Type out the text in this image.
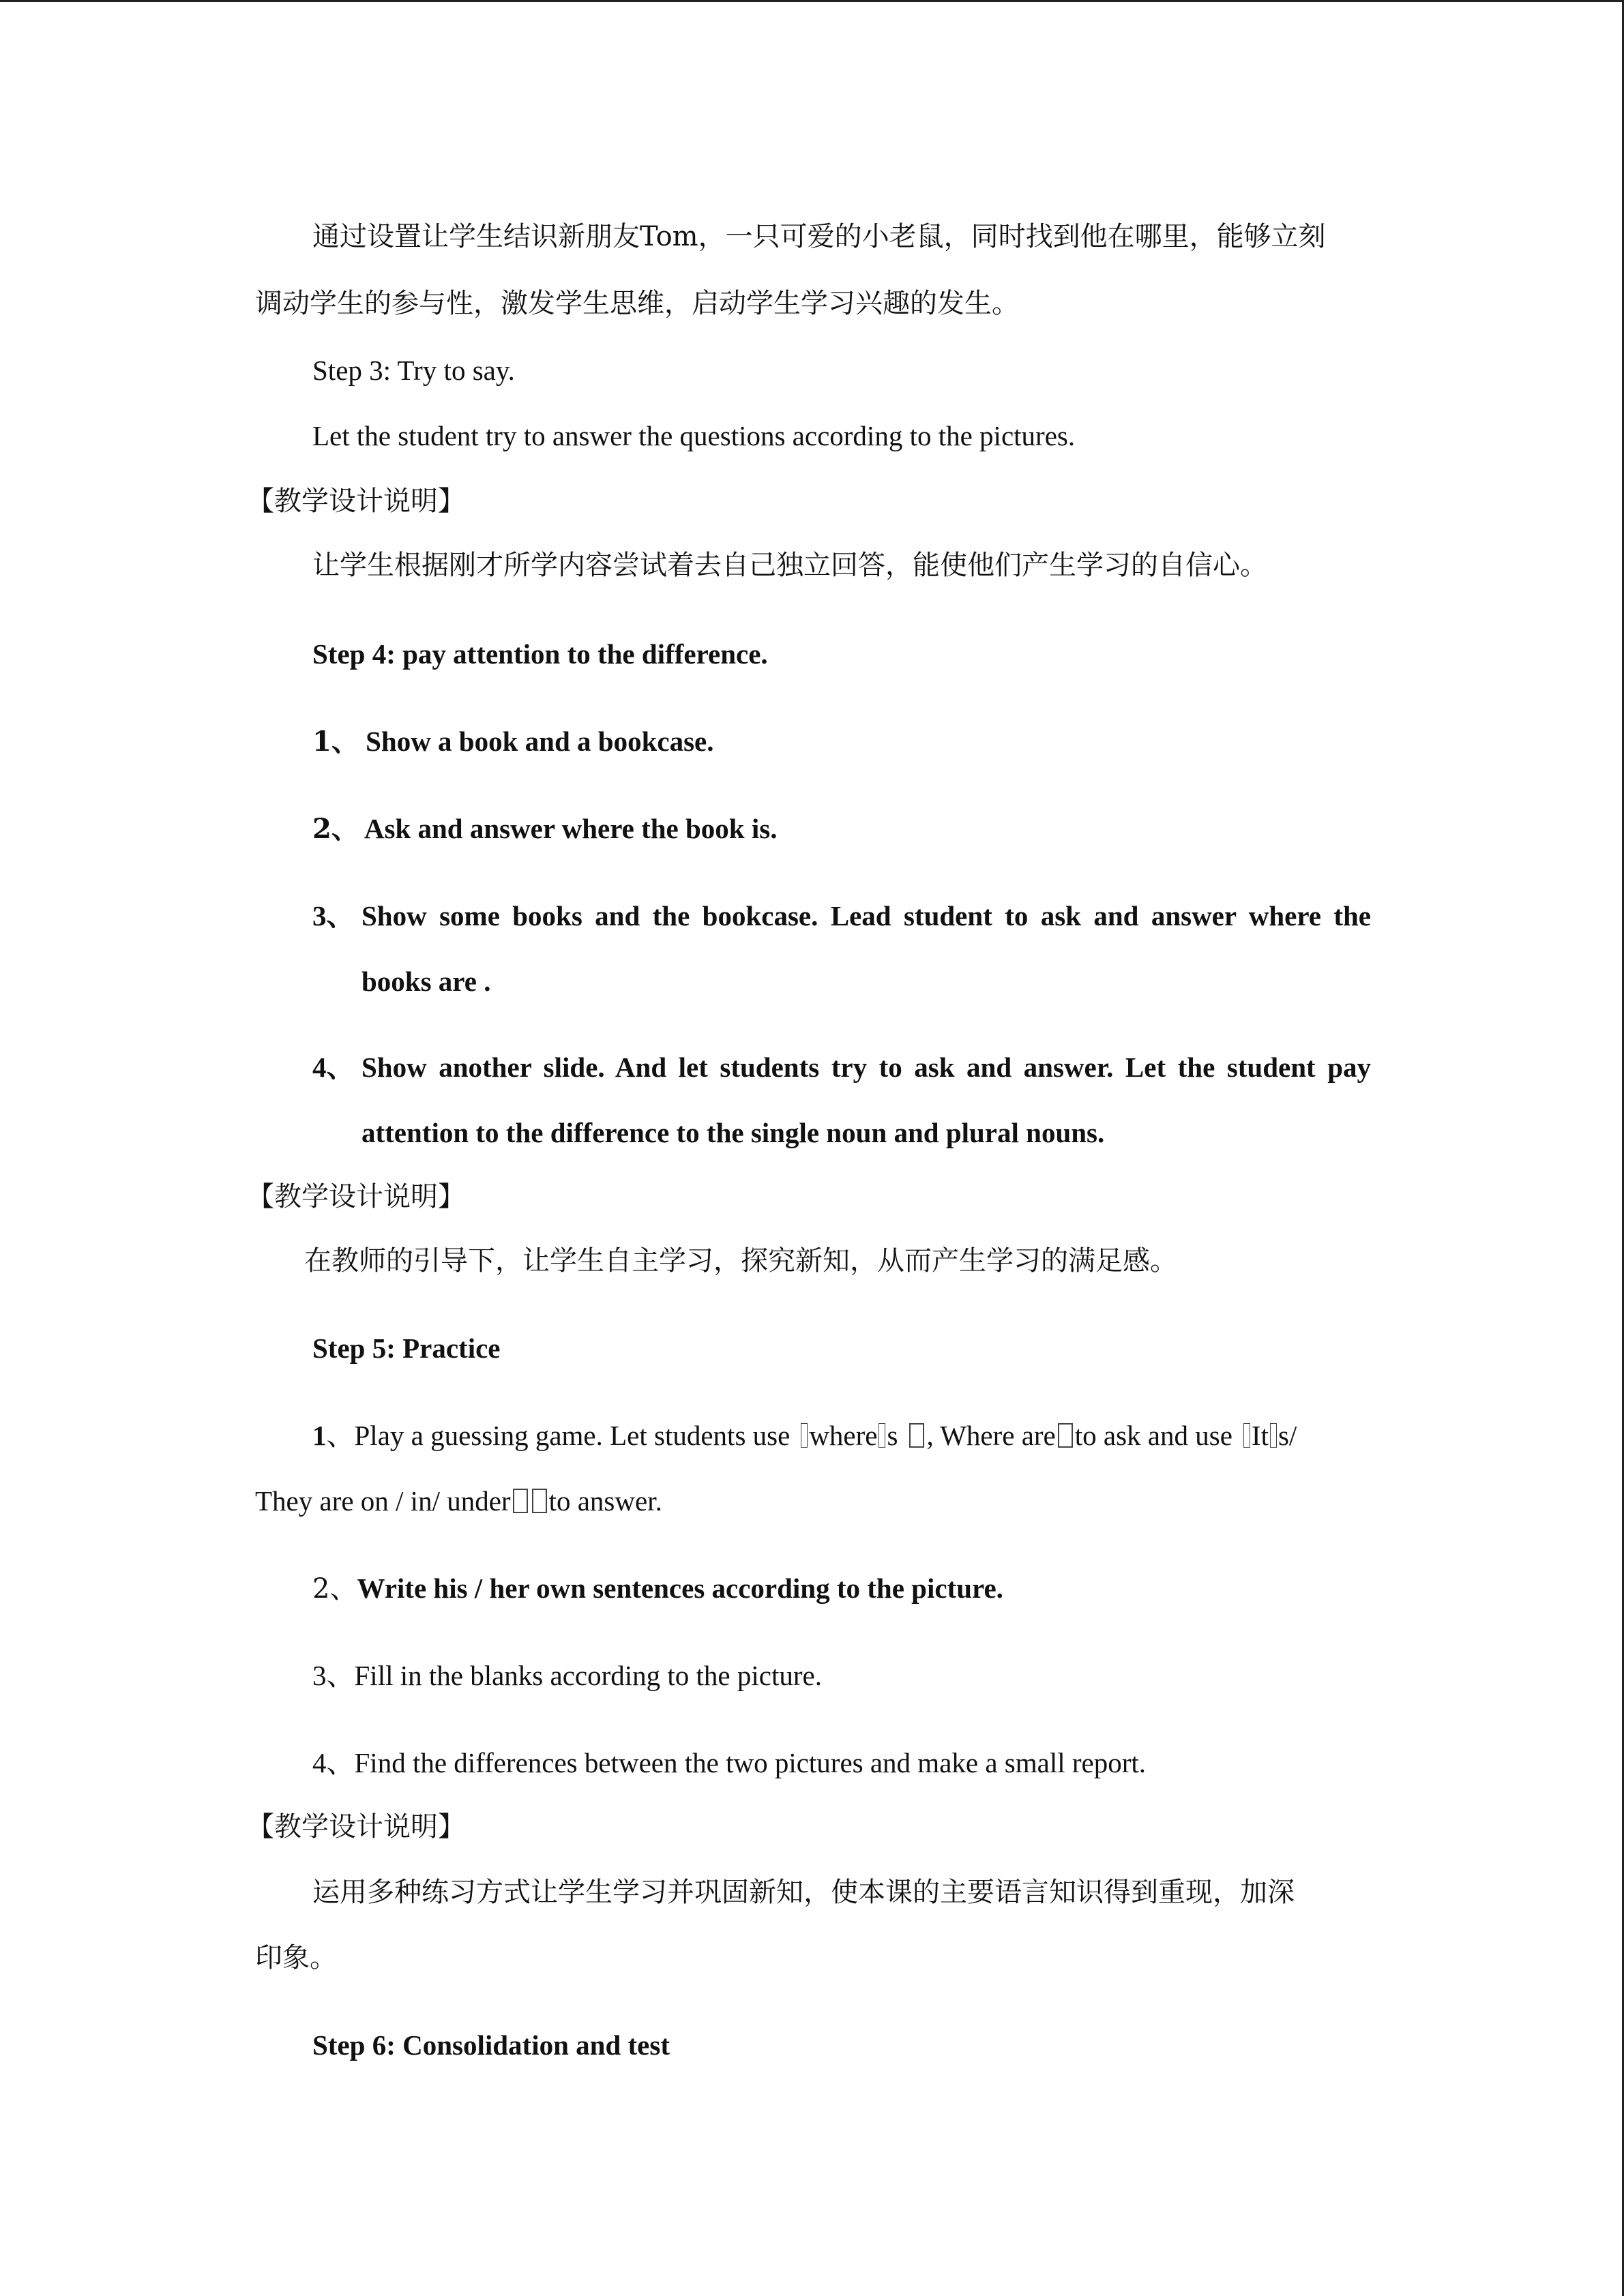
通过设置让学生结识新朋友Tom，一只可爱的小老鼠，同时找到他在哪里，能够立刻
调动学生的参与性，激发学生思维，启动学生学习兴趣的发生。
Step 3: Try to say.
Let the student try to answer the questions according to the pictures.
【教学设计说明】
让学生根据刚才所学内容尝试着去自己独立回答，能使他们产生学习的自信心。
Step 4: pay attention to the difference.
1、 Show a book and a bookcase.
2、 Ask and answer where the book is.
3、 Show some books and the bookcase. Lead student to ask and answer where the
books are .
4、 Show another slide. And let students try to ask and answer. Let the student pay
attention to the difference to the single noun and plural nouns.
【教学设计说明】
在教师的引导下，让学生自主学习，探究新知，从而产生学习的满足感。
Step 5: Practice
1、Play a guessing game. Let students use where s , Where are to ask and use It s/
They are on / in/ under to answer.
2、Write his / her own sentences according to the picture.
3、Fill in the blanks according to the picture.
4、Find the differences between the two pictures and make a small report.
【教学设计说明】
运用多种练习方式让学生学习并巩固新知，使本课的主要语言知识得到重现，加深
印象。
Step 6: Consolidation and test
